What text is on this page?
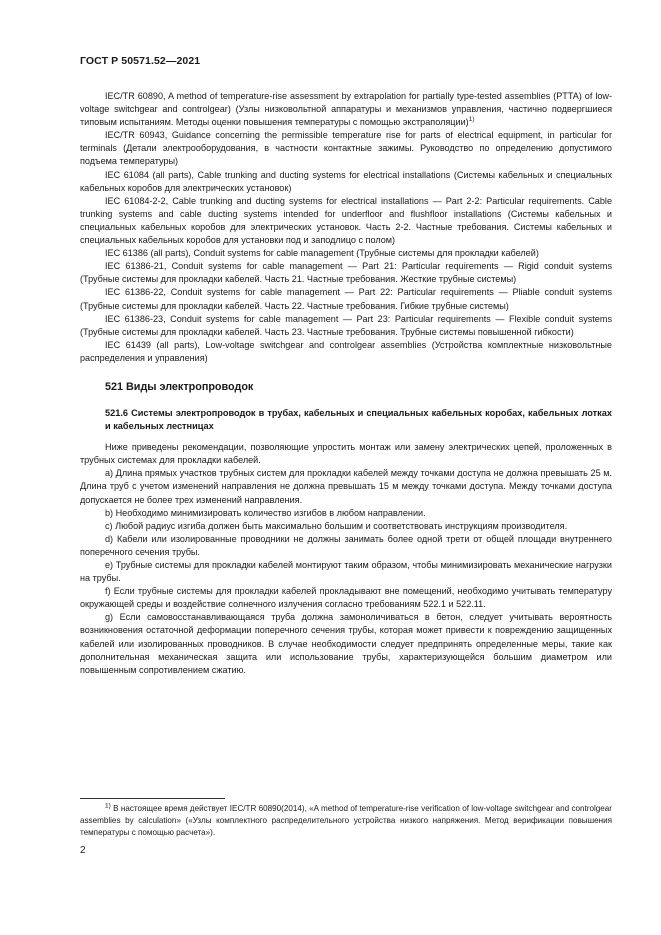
ГОСТ Р 50571.52—2021

IEC/TR 60890, A method of temperature-rise assessment by extrapolation for partially type-tested assemblies (PTTA) of low-voltage switchgear and controlgear) (Узлы низковольтной аппаратуры и механизмов управления, частично подвергшиеся типовым испытаниям. Методы оценки повышения температуры с помощью экстраполяции)$^{1)}$

IEC/TR 60943, Guidance concerning the permissible temperature rise for parts of electrical equipment, in particular for terminals (Детали электрооборудования, в частности контактные зажимы. Руководство по определению допустимого подъема температуры)

IEC 61084 (all parts), Cable trunking and ducting systems for electrical installations (Системы кабельных и специальных кабельных коробов для электрических установок)

IEC 61084-2-2, Cable trunking and ducting systems for electrical installations — Part 2-2: Particular requirements. Cable trunking systems and cable ducting systems intended for underfloor and flushfloor installations (Системы кабельных и специальных кабельных коробов для электрических установок. Часть 2-2. Частные требования. Системы кабельных и специальных кабельных коробов для установки под и заподлицо с полом)

IEC 61386 (all parts), Conduit systems for cable management (Трубные системы для прокладки кабелей)

IEC 61386-21, Conduit systems for cable management — Part 21: Particular requirements — Rigid conduit systems (Трубные системы для прокладки кабелей. Часть 21. Частные требования. Жесткие трубные системы)

IEC 61386-22, Conduit systems for cable management — Part 22: Particular requirements — Pliable conduit systems (Трубные системы для прокладки кабелей. Часть 22. Частные требования. Гибкие трубные системы)

IEC 61386-23, Conduit systems for cable management — Part 23: Particular requirements — Flexible conduit systems (Трубные системы для прокладки кабелей. Часть 23. Частные требования. Трубные системы повышенной гибкости)

IEC 61439 (all parts), Low-voltage switchgear and controlgear assemblies (Устройства комплектные низковольтные распределения и управления)

521 Виды электропроводок

521.6 Системы электропроводок в трубах, кабельных и специальных кабельных коробах, кабельных лотках и кабельных лестницах

Ниже приведены рекомендации, позволяющие упростить монтаж или замену электрических цепей, проложенных в трубных системах для прокладки кабелей.

а) Длина прямых участков трубных систем для прокладки кабелей между точками доступа не должна превышать 25 м. Длина труб с учетом изменений направления не должна превышать 15 м между точками доступа. Между точками доступа допускается не более трех изменений направления.

b) Необходимо минимизировать количество изгибов в любом направлении.

с) Любой радиус изгиба должен быть максимально большим и соответствовать инструкциям производителя.

d) Кабели или изолированные проводники не должны занимать более одной трети от общей площади внутреннего поперечного сечения трубы.

е) Трубные системы для прокладки кабелей монтируют таким образом, чтобы минимизировать механические нагрузки на трубы.

f) Если трубные системы для прокладки кабелей прокладывают вне помещений, необходимо учитывать температуру окружающей среды и воздействие солнечного излучения согласно требованиям 522.1 и 522.11.

g) Если самовосстанавливающаяся труба должна замоноличиваться в бетон, следует учитывать вероятность возникновения остаточной деформации поперечного сечения трубы, которая может привести к повреждению защищенных кабелей или изолированных проводников. В случае необходимости следует предпринять определенные меры, такие как дополнительная механическая защита или использование трубы, характеризующейся большим диаметром или повышенным сопротивлением сжатию.

$^{1)}$ В настоящее время действует IEC/TR 60890(2014), «A method of temperature-rise verification of low-voltage switchgear and controlgear assemblies by calculation» («Узлы комплектного распределительного устройства низкого напряжения. Метод верификации повышения температуры с помощью расчета»).

2
